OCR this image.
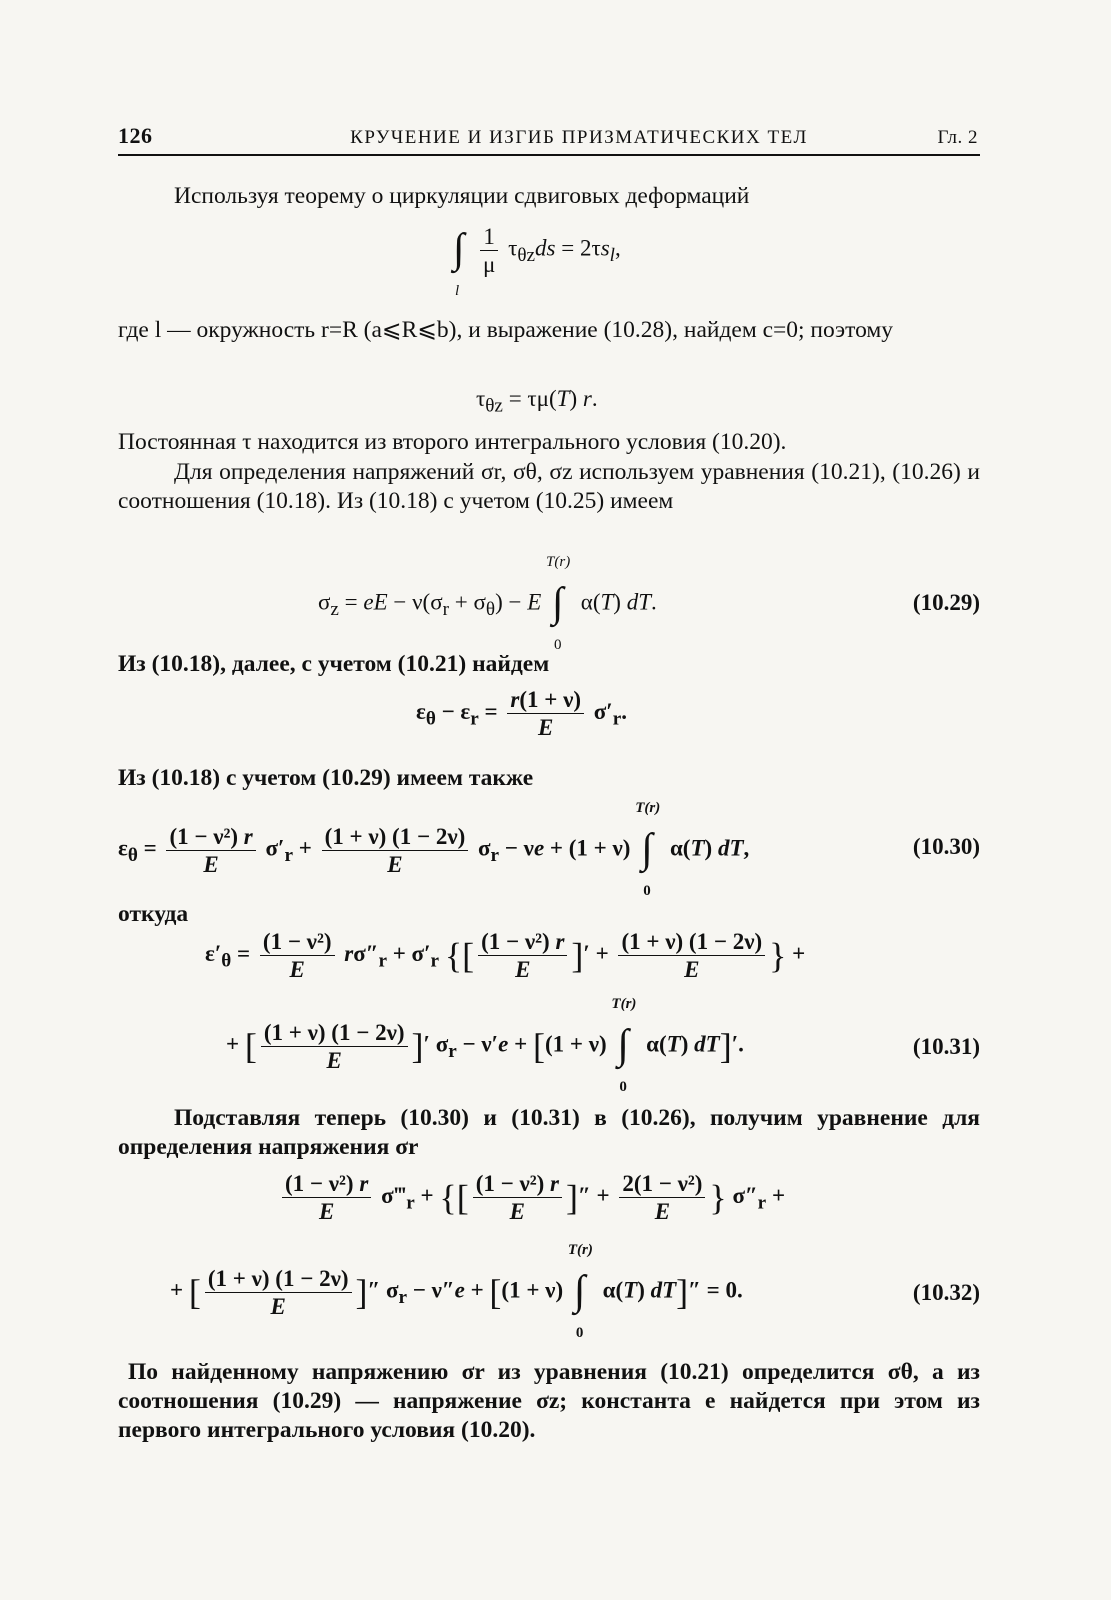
126	КРУЧЕНИЕ И ИЗГИБ ПРИЗМАТИЧЕСКИХ ТЕЛ	Гл. 2
Используя теорему о циркуляции сдвиговых деформаций
∫
l
$\frac{1}{\mu} \tau_{\theta z}ds = 2\tau s_l$,
где l — окружность r=R (a⩽R⩽b), и выражение (10.28), найдем c=0; поэтому
$\tau_{\theta z} = \tau\mu(T)$ r.
Постоянная τ находится из второго интегрального условия (10.20).
Для определения напряжений σr, σθ, σz используем уравнения (10.21), (10.26) и соотношения (10.18). Из (10.18) с учетом (10.25) имеем
$\sigma_z$ = eE − $\nu(\sigma_r + \sigma_\theta) - E$
T(r)
∫
0
α(T) dT.	(10.29)
Из (10.18), далее, с учетом (10.21) найдем
$\varepsilon_\theta - \varepsilon_r = \frac{r(1 + \nu)}{E} \sigma'_r$.
Из (10.18) с учетом (10.29) имеем также
$\varepsilon_\theta = \frac{\text{(1 − ν²) r}}{E} \sigma'_r + \frac{(1 + \nu) (1 - 2\nu)}{E} \sigma_r - \nu e + (1 + \nu)$
T(r)
∫
0
α(T) dT,	(10.30)
откуда
$\varepsilon'_\theta = \frac{\text{(1 − ν²)}}{E} r\sigma''_r + \sigma'_r$ {[ $\frac{\text{(1 − ν²) r}}{E}$ ]′ + $\frac{(1 + \nu) (1 - 2\nu)}{E}$ } +
+ [ $\frac{(1 + \nu) (1 - 2\nu)}{E}$ ]′ $\sigma_r - \nu'e + [(1 + \nu)$
T(r)
∫
0
α(T) dT]′.	(10.31)
Подставляя теперь (10.30) и (10.31) в (10.26), получим уравнение для определения напряжения σr
$\frac{\text{(1 − ν²) r}}{E}$ $\sigma‴_r$ + {[ $\frac{\text{(1 − ν²) r}}{E}$ ]″ + $\frac{\text{2(1 − ν²)}}{E}$ } $\sigma''_r$ +
+ [ $\frac{(1 + \nu) (1 - 2\nu)}{E}$ ]″ $\sigma_r - \nu''e + [(1 + \nu)$
T(r)
∫
0
α(T) dT]″ = 0.	(10.32)
По найденному напряжению σr из уравнения (10.21) определится σθ, а из соотношения (10.29) — напряжение σz; константа e найдется при этом из первого интегрального условия (10.20).
